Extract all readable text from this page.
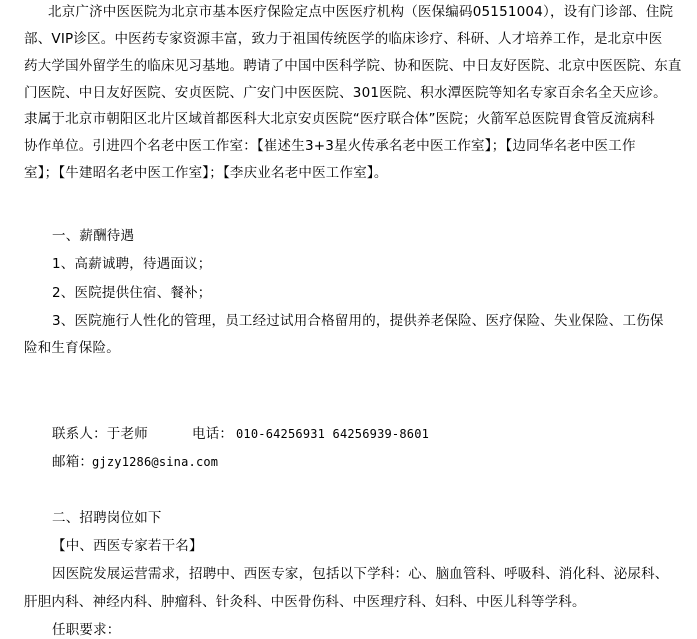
北京广济中医医院为北京市基本医疗保险定点中医医疗机构（医保编码05151004），设有门诊部、住院
部、VIP诊区。中医药专家资源丰富，致力于祖国传统医学的临床诊疗、科研、人才培养工作，是北京中医
药大学国外留学生的临床见习基地。聘请了中国中医科学院、协和医院、中日友好医院、北京中医医院、东直
门医院、中日友好医院、安贞医院、广安门中医医院、301医院、积水潭医院等知名专家百余名全天应诊。
隶属于北京市朝阳区北片区域首都医科大北京安贞医院“医疗联合体”医院；火箭军总医院胃食管反流病科
协作单位。引进四个名老中医工作室：【崔述生3+3星火传承名老中医工作室】；【边同华名老中医工作
室】；【牛建昭名老中医工作室】；【李庆业名老中医工作室】。
一、薪酬待遇
1、高薪诚聘，待遇面议；
2、医院提供住宿、餐补；
3、医院施行人性化的管理，员工经过试用合格留用的，提供养老保险、医疗保险、失业保险、工伤保
险和生育保险。
联系人：于老师	电话： 010-64256931 64256939-8601
邮箱：
gjzy1286@sina.com
二、招聘岗位如下
【中、西医专家若干名】
因医院发展运营需求，招聘中、西医专家，包括以下学科：心、脑血管科、呼吸科、消化科、泌尿科、
肝胆内科、神经内科、肿瘤科、针灸科、中医骨伤科、中医理疗科、妇科、中医儿科等学科。
任职要求：
